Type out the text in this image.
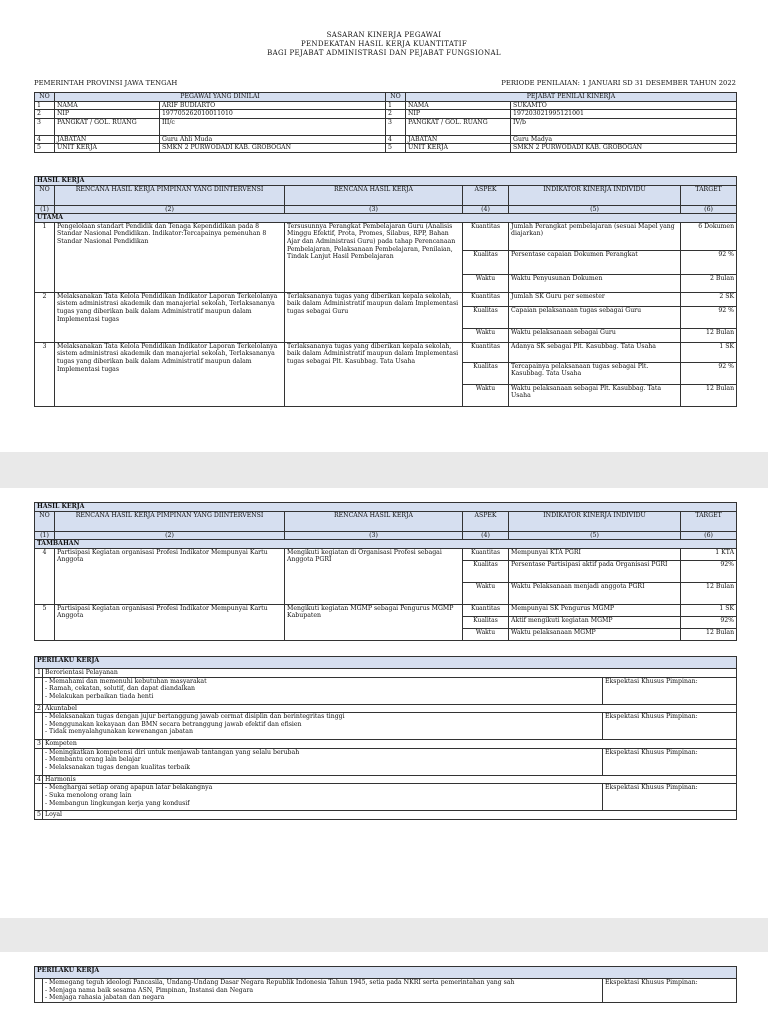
SASARAN KINERJA PEGAWAI
PENDEKATAN HASIL KERJA KUANTITATIF
BAGI PEJABAT ADMINISTRASI DAN PEJABAT FUNGSIONAL
PEMERINTAH PROVINSI JAWA TENGAH	PERIODE PENILAIAN: 1 JANUARI SD 31 DESEMBER TAHUN 2022
NO	PEGAWAI YANG DINILAI		NO	PEJABAT PENILAI KINERJA	
1	NAMA	ARIF BUDIARTO	1	NAMA	SUKAMTO
2	NIP	197705262010011010	2	NIP	197203021995121001
3	PANGKAT / GOL. RUANG	III/c	3	PANGKAT / GOL. RUANG	IV/b
4	JABATAN	Guru Ahli Muda	4	JABATAN	Guru Madya
5	UNIT KERJA	SMKN 2 PURWODADI KAB. GROBOGAN	5	UNIT KERJA	SMKN 2 PURWODADI KAB. GROBOGAN
HASIL KERJA					
NO	RENCANA HASIL KERJA PIMPINAN YANG DIINTERVENSI	RENCANA HASIL KERJA	ASPEK	INDIKATOR KINERJA INDIVIDU	TARGET
(1)	(2)	(3)	(4)	(5)	(6)
UTAMA					
1	Pengelolaan standart Pendidik dan Tenaga Kependidikan pada 8 Standar Nasional Pendidikan. Indikator:Tercapainya pemenuhan 8 Standar Nasional Pendidikan	Tersusunnya Perangkat Pembelajaran Guru (Analisis Minggu Efektif, Prota, Promes, Silabus, RPP, Bahan Ajar dan Administrasi Guru) pada tahap Perencanaan Pembelajaran, Pelaksanaan Pembelajaran, Penilaian, Tindak Lanjut Hasil Pembelajaran	Kuantitas	Jumlah Perangkat pembelajaran (sesuai Mapel yang diajarkan)	6 Dokumen
			Kualitas	Persentase capaian Dokumen Perangkat	92 %
			Waktu	Waktu Penyusunan Dokumen	2 Bulan
2	Melaksanakan Tata Kelola Pendidikan Indikator Laporan Terkelolanya sistem administrasi akademik dan manajerial sekolah, Terlaksananya tugas yang diberikan baik dalam Administratif maupun dalam Implementasi tugas	Terlaksananya tugas yang diberikan kepala sekolah, baik dalam Administratif maupun dalam Implementasi tugas sebagai Guru	Kuantitas	Jumlah SK Guru per semester	2 SK
			Kualitas	Capaian pelaksanaan tugas sebagai Guru	92 %
			Waktu	Waktu pelaksanaan sebagai Guru	12 Bulan
3	Melaksanakan Tata Kelola Pendidikan Indikator Laporan Terkelolanya sistem administrasi akademik dan manajerial sekolah, Terlaksananya tugas yang diberikan baik dalam Administratif maupun dalam Implementasi tugas	Terlaksananya tugas yang diberikan kepala sekolah, baik dalam Administratif maupun dalam Implementasi tugas sebagai Plt. Kasubbag. Tata Usaha	Kuantitas	Adanya SK sebagai Plt. Kasubbag. Tata Usaha	1 SK
			Kualitas	Tercapainya pelaksanaan tugas sebagai Plt. Kasubbag. Tata Usaha	92 %
			Waktu	Waktu pelaksanaan sebagai Plt. Kasubbag. Tata Usaha	12 Bulan
HASIL KERJA					
NO	RENCANA HASIL KERJA PIMPINAN YANG DIINTERVENSI	RENCANA HASIL KERJA	ASPEK	INDIKATOR KINERJA INDIVIDU	TARGET
(1)	(2)	(3)	(4)	(5)	(6)
TAMBAHAN					
4	Partisipasi Kegiatan organisasi Profesi Indikator Mempunyai Kartu Anggota	Mengikuti kegiatan di Organisasi Profesi sebagai Anggota PGRI	Kuantitas	Mempunyai KTA PGRI	1 KTA
			Kualitas	Persentase Partisipasi aktif pada Organisasi PGRI	92%
			Waktu	Waktu Pelaksanaan menjadi anggota PGRI	12 Bulan
5	Partisipasi Kegiatan organisasi Profesi Indikator Mempunyai Kartu Anggota	Mengikuti kegiatan MGMP sebagai Pengurus MGMP Kabupaten	Kuantitas	Mempunyai SK Pengurus MGMP	1 SK
			Kualitas	Aktif mengikuti kegiatan MGMP	92%
			Waktu	Waktu pelaksanaan MGMP	12 Bulan
PERILAKU KERJA		
1	Berorientasi Pelayanan	

	- Memahami dan memenuhi kebutuhan masyarakat
- Ramah, cekatan, solutif, dan dapat diandalkan
- Melakukan perbaikan tiada henti	Ekspektasi Khusus Pimpinan:
2	Akuntabel	

	- Melaksanakan tugas dengan jujur bertanggung jawab cermat disiplin dan berintegritas tinggi
- Menggunakan kekayaan dan BMN secara betranggung jawab efektif dan efisien
- Tidak menyalahgunakan kewenangan jabatan	Ekspektasi Khusus Pimpinan:
3	Kompeten	

	- Meningkatkan kompetensi diri untuk menjawab tantangan yang selalu berubah
- Membantu orang lain belajar
- Melaksanakan tugas dengan kualitas terbaik	Ekspektasi Khusus Pimpinan:
4	Harmonis	

	- Menghargai setiap orang apapun latar belakangnya
- Suka menolong orang lain
- Membangun lingkungan kerja yang kondusif	Ekspektasi Khusus Pimpinan:
5	Loyal	
PERILAKU KERJA

- Memegang teguh ideologi Pancasila, Undang-Undang Dasar Negara Republik Indonesia Tahun 1945, setia pada NKRI serta pemerintahan yang sah
- Menjaga nama baik sesama ASN, Pimpinan, Instansi dan Negara
- Menjaga rahasia jabatan dan negara
	Ekspektasi Khusus Pimpinan:
